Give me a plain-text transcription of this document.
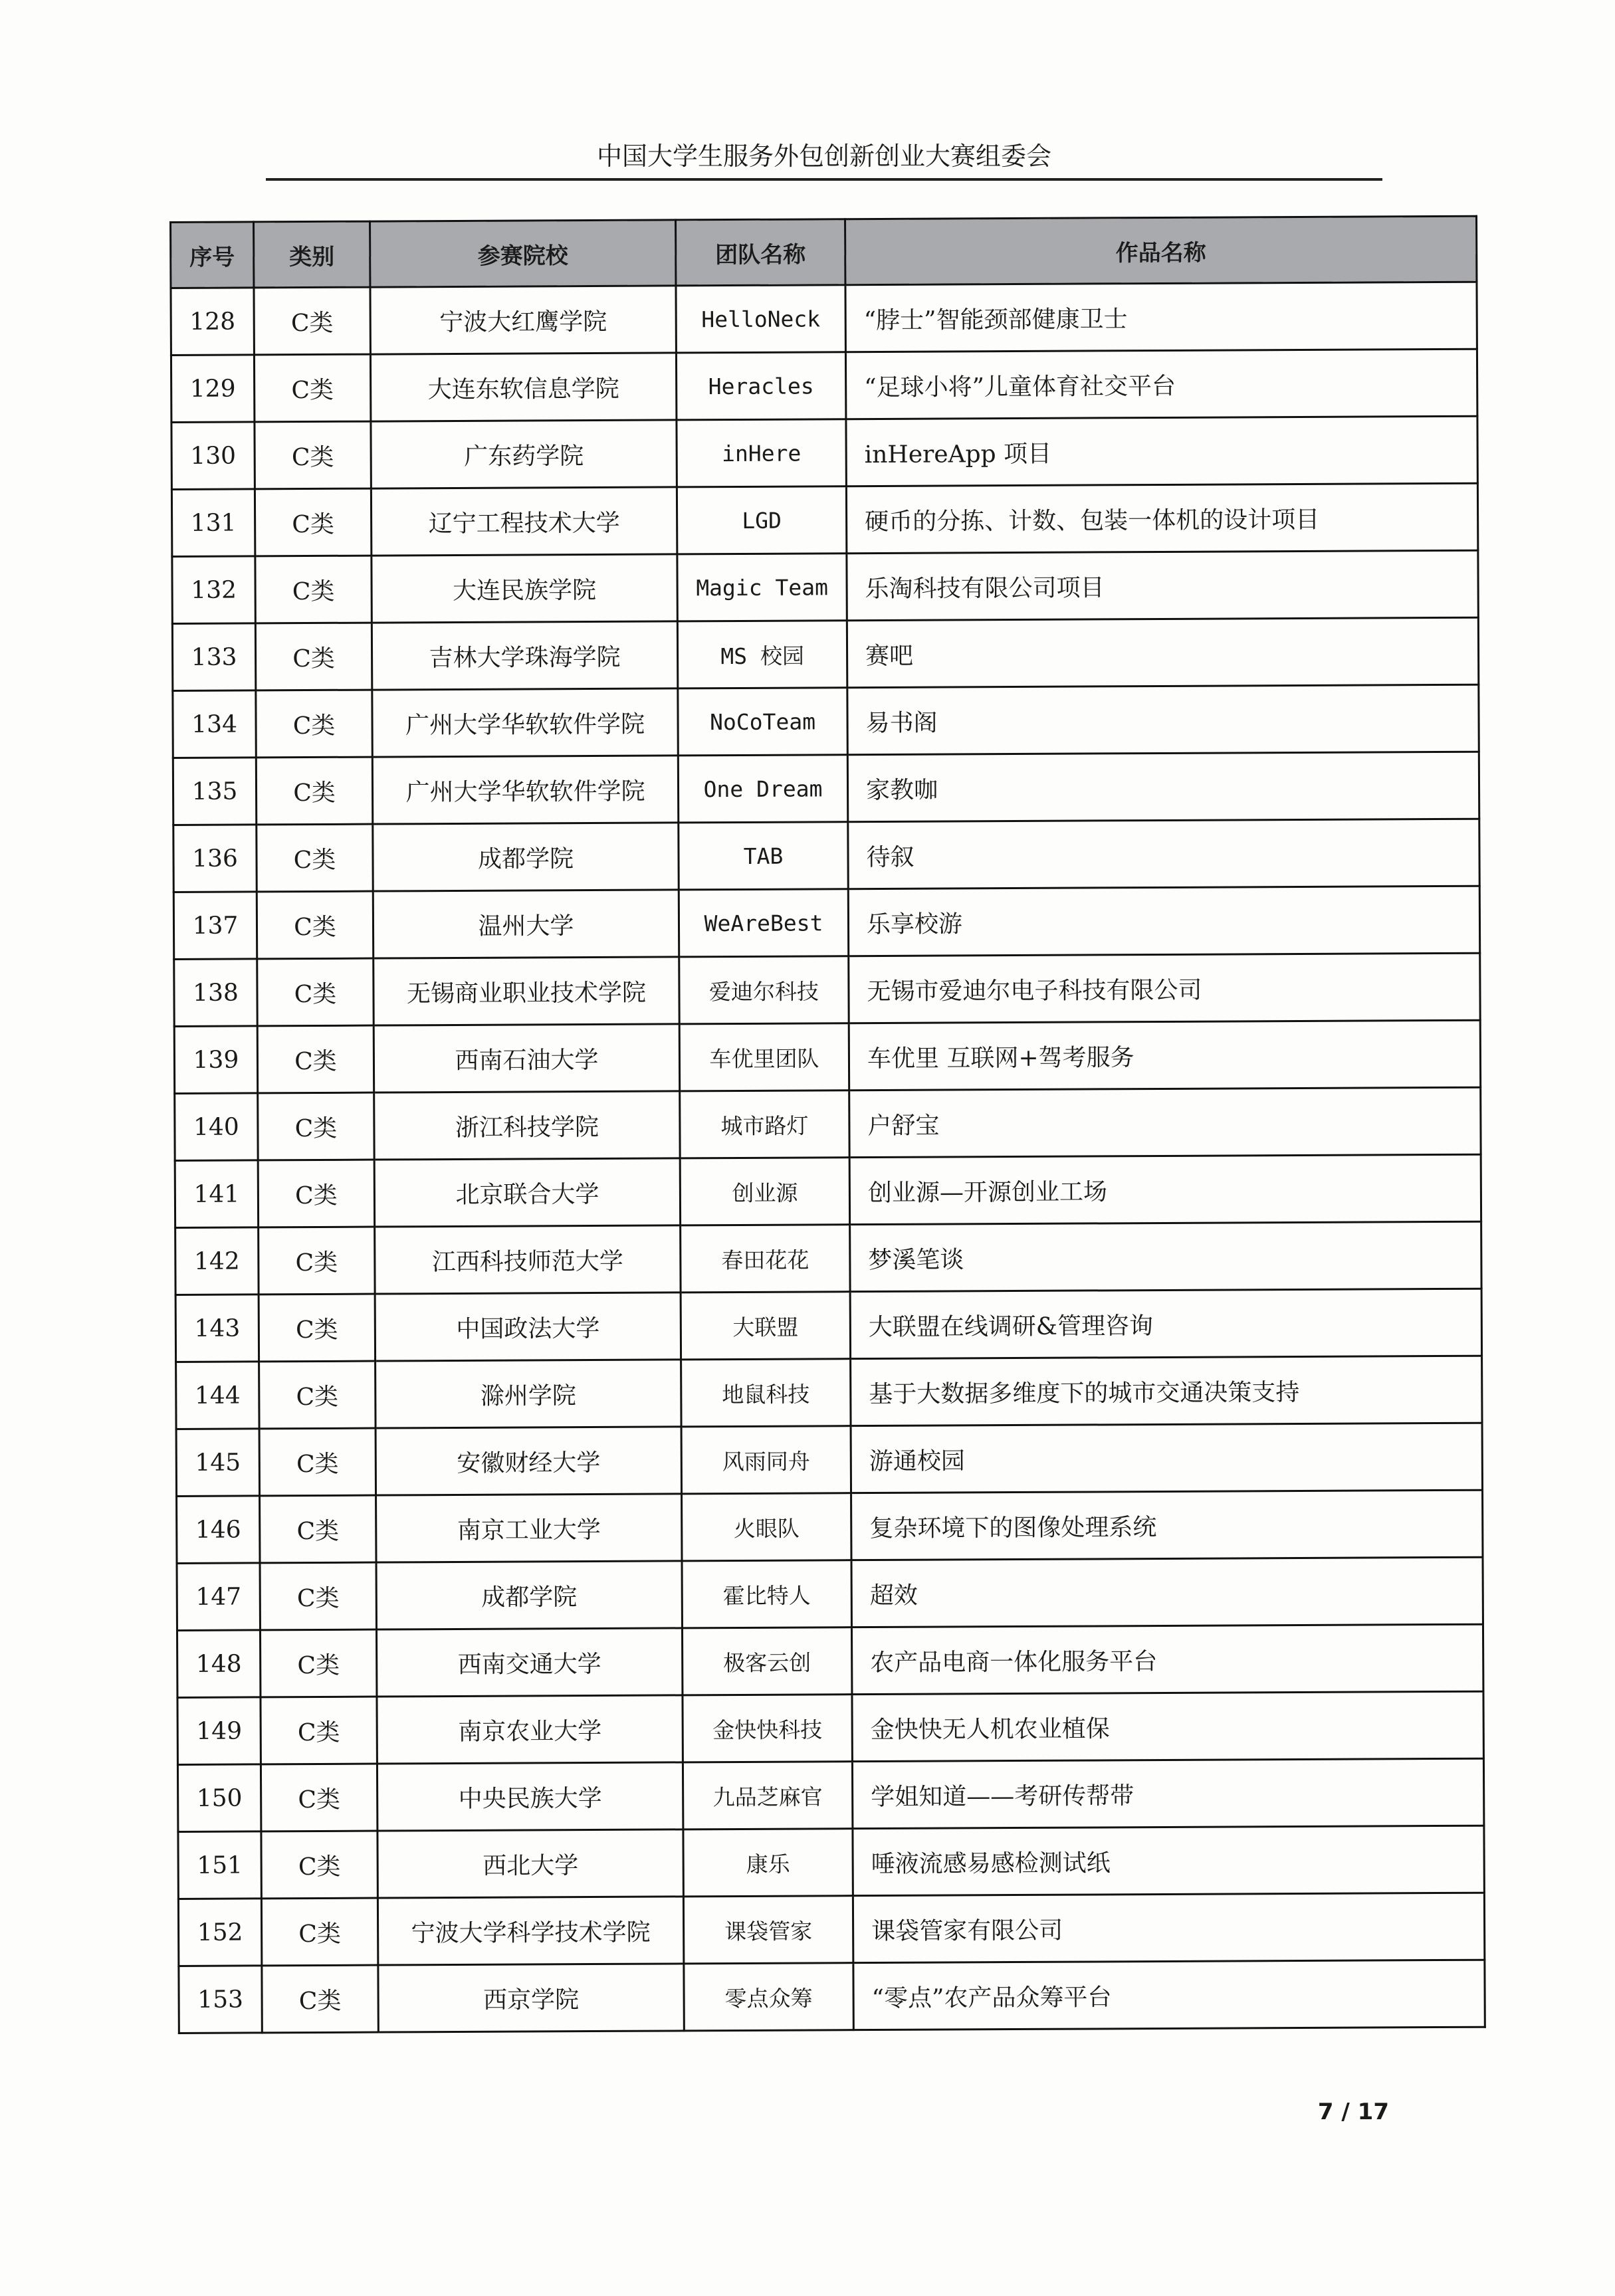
中国大学生服务外包创新创业大赛组委会
序号	类别	参赛院校	团队名称	作品名称
128	C类	宁波大红鹰学院	HelloNeck	“脖士”智能颈部健康卫士
129	C类	大连东软信息学院	Heracles	“足球小将”儿童体育社交平台
130	C类	广东药学院	inHere	inHereApp 项目
131	C类	辽宁工程技术大学	LGD	硬币的分拣、计数、包装一体机的设计项目
132	C类	大连民族学院	Magic Team	乐淘科技有限公司项目
133	C类	吉林大学珠海学院	MS 校园	赛吧
134	C类	广州大学华软软件学院	NoCoTeam	易书阁
135	C类	广州大学华软软件学院	One Dream	家教咖
136	C类	成都学院	TAB	待叙
137	C类	温州大学	WeAreBest	乐享校游
138	C类	无锡商业职业技术学院	爱迪尔科技	无锡市爱迪尔电子科技有限公司
139	C类	西南石油大学	车优里团队	车优里 互联网+驾考服务
140	C类	浙江科技学院	城市路灯	户舒宝
141	C类	北京联合大学	创业源	创业源—开源创业工场
142	C类	江西科技师范大学	春田花花	梦溪笔谈
143	C类	中国政法大学	大联盟	大联盟在线调研&管理咨询
144	C类	滁州学院	地鼠科技	基于大数据多维度下的城市交通决策支持
145	C类	安徽财经大学	风雨同舟	游通校园
146	C类	南京工业大学	火眼队	复杂环境下的图像处理系统
147	C类	成都学院	霍比特人	超效
148	C类	西南交通大学	极客云创	农产品电商一体化服务平台
149	C类	南京农业大学	金快快科技	金快快无人机农业植保
150	C类	中央民族大学	九品芝麻官	学姐知道——考研传帮带
151	C类	西北大学	康乐	唾液流感易感检测试纸
152	C类	宁波大学科学技术学院	课袋管家	课袋管家有限公司
153	C类	西京学院	零点众筹	“零点”农产品众筹平台
7 / 17
